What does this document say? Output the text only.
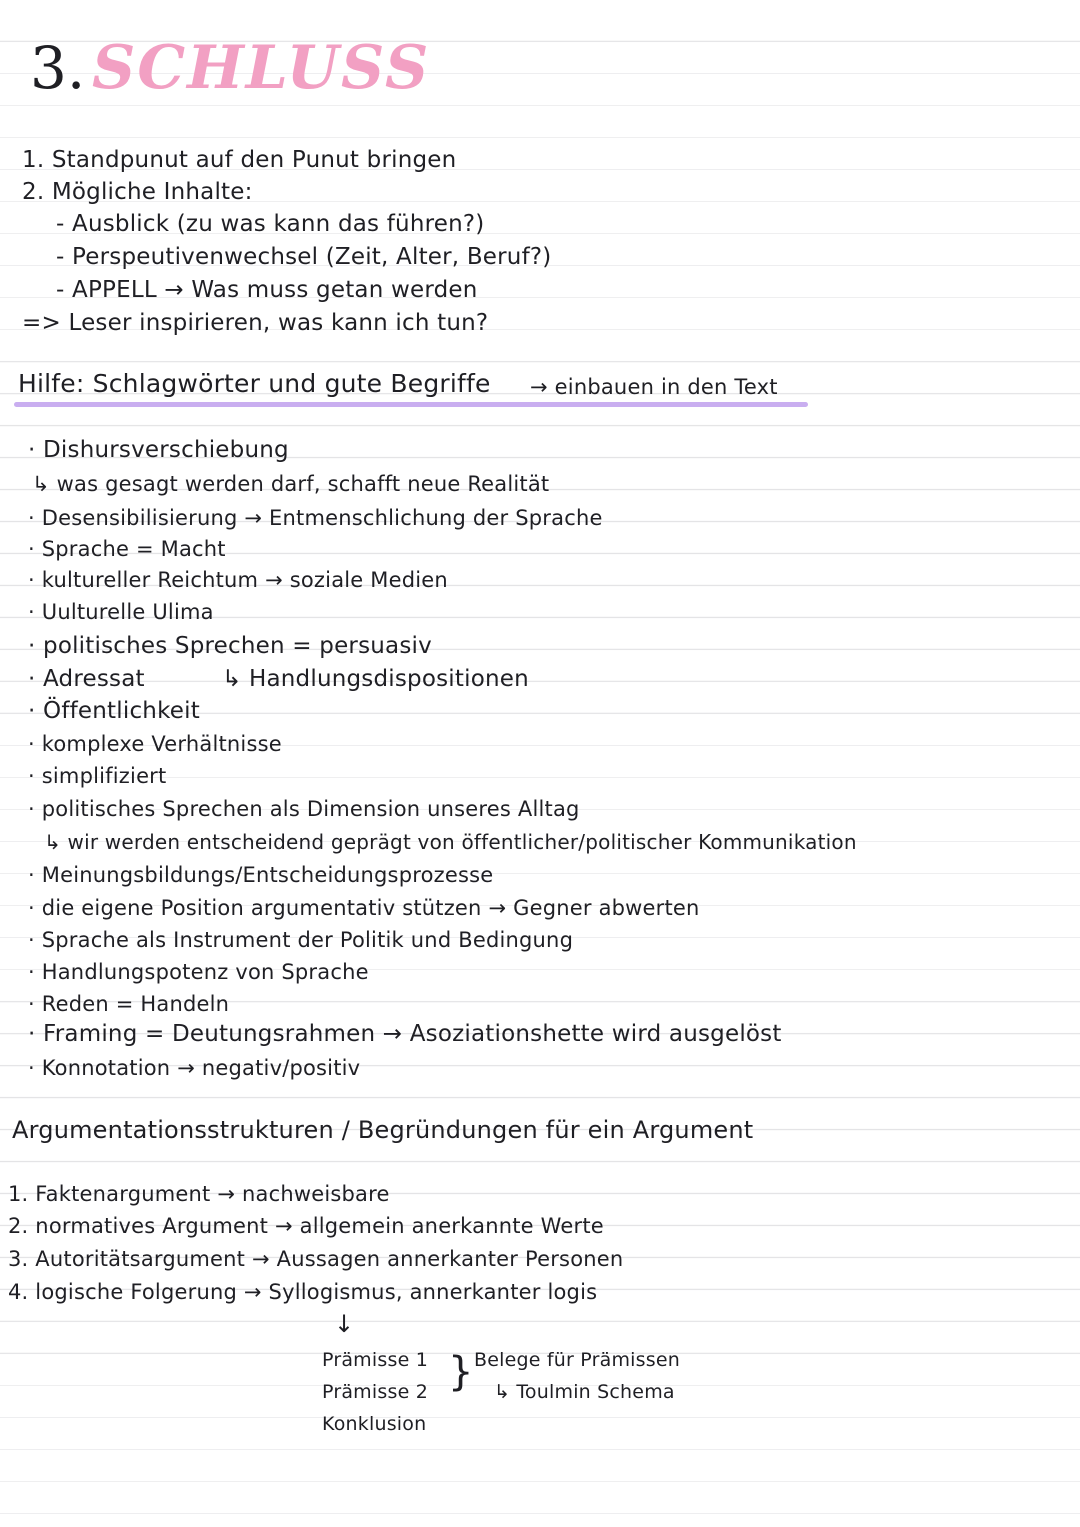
3. SCHLUSS
1. Standpunut auf den Punut bringen
2. Mögliche Inhalte:
- Ausblick (zu was kann das führen?)
- Perspeutivenwechsel (Zeit, Alter, Beruf?)
- APPELL → Was muss getan werden
=> Leser inspirieren, was kann ich tun?
Hilfe: Schlagwörter und gute Begriffe → einbauen in den Text
· Dishursverschiebung
↳ was gesagt werden darf, schafft neue Realität
· Desensibilisierung → Entmenschlichung der Sprache
· Sprache = Macht
· kultureller Reichtum → soziale Medien
· Uulturelle Ulima
· politisches Sprechen = persuasiv
· Adressat	↳ Handlungsdispositionen
· Öffentlichkeit
· komplexe Verhältnisse
· simplifiziert
· politisches Sprechen als Dimension unseres Alltag
↳ wir werden entscheidend geprägt von öffentlicher/politischer Kommunikation
· Meinungsbildungs/Entscheidungsprozesse
· die eigene Position argumentativ stützen → Gegner abwerten
· Sprache als Instrument der Politik und Bedingung
· Handlungspotenz von Sprache
· Reden = Handeln
· Framing = Deutungsrahmen → Asoziationshette wird ausgelöst
· Konnotation → negativ/positiv
Argumentationsstrukturen / Begründungen für ein Argument
1. Faktenargument → nachweisbare
2. normatives Argument → allgemein anerkannte Werte
3. Autoritätsargument → Aussagen annerkanter Personen
4. logische Folgerung → Syllogismus, annerkanter logis
↓
Prämisse 1
Prämisse 2
Konklusion
} Belege für Prämissen
↳ Toulmin Schema
